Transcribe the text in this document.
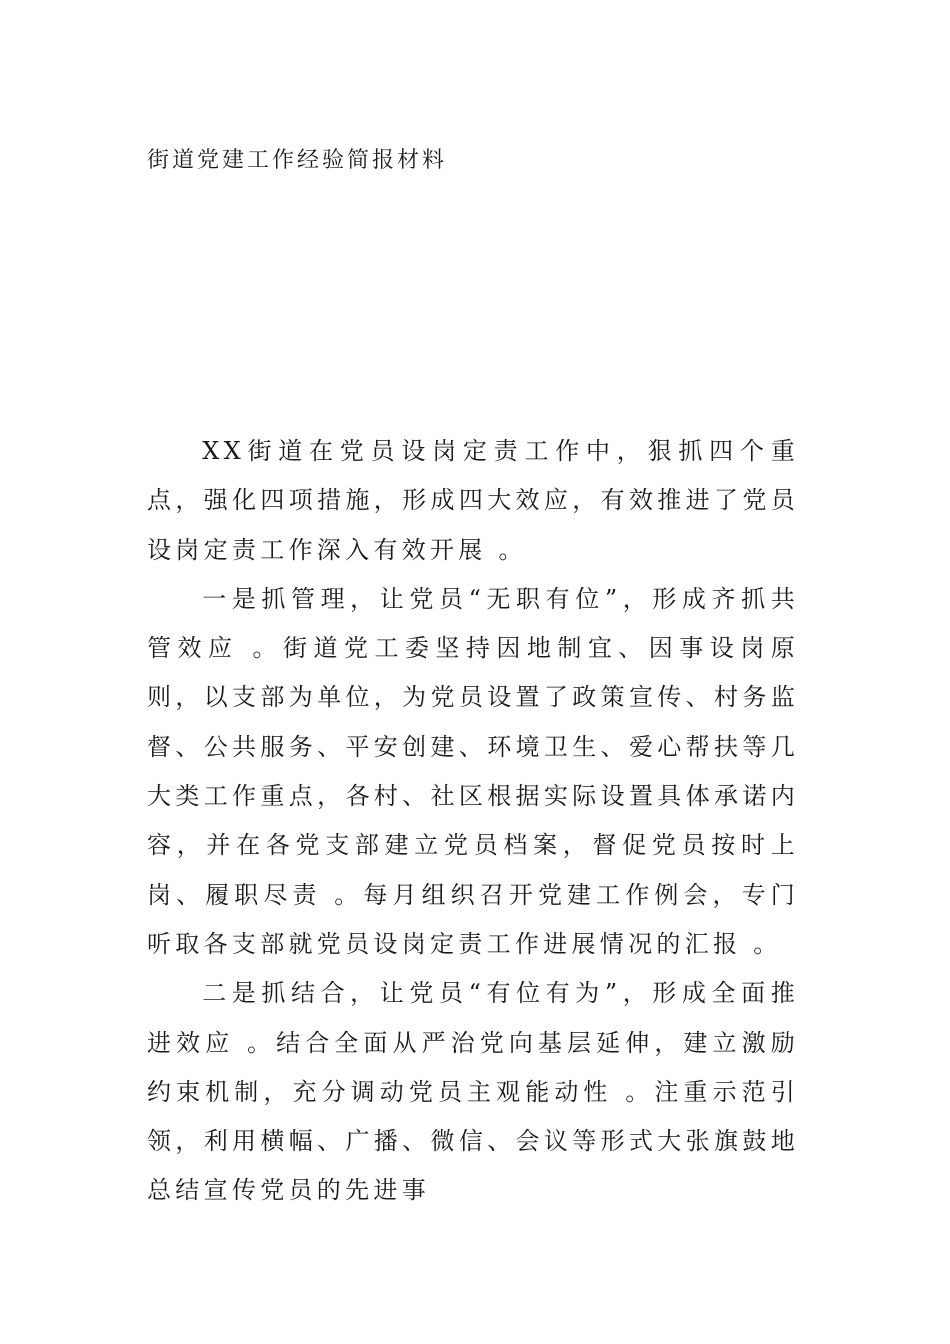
街道党建工作经验简报材料

XX街道在党员设岗定责工作中，狠抓四个重点，强化四项措施，形成四大效应，有效推进了党员设岗定责工作深入有效开展 。

一是抓管理，让党员“无职有位”，形成齐抓共管效应 。街道党工委坚持因地制宜、因事设岗原则，以支部为单位，为党员设置了政策宣传、村务监督、公共服务、平安创建、环境卫生、爱心帮扶等几大类工作重点，各村、社区根据实际设置具体承诺内容，并在各党支部建立党员档案，督促党员按时上岗、履职尽责 。每月组织召开党建工作例会，专门听取各支部就党员设岗定责工作进展情况的汇报 。

二是抓结合，让党员“有位有为”，形成全面推进效应 。结合全面从严治党向基层延伸，建立激励约束机制，充分调动党员主观能动性 。注重示范引领，利用横幅、广播、微信、会议等形式大张旗鼓地总结宣传党员的先进事
